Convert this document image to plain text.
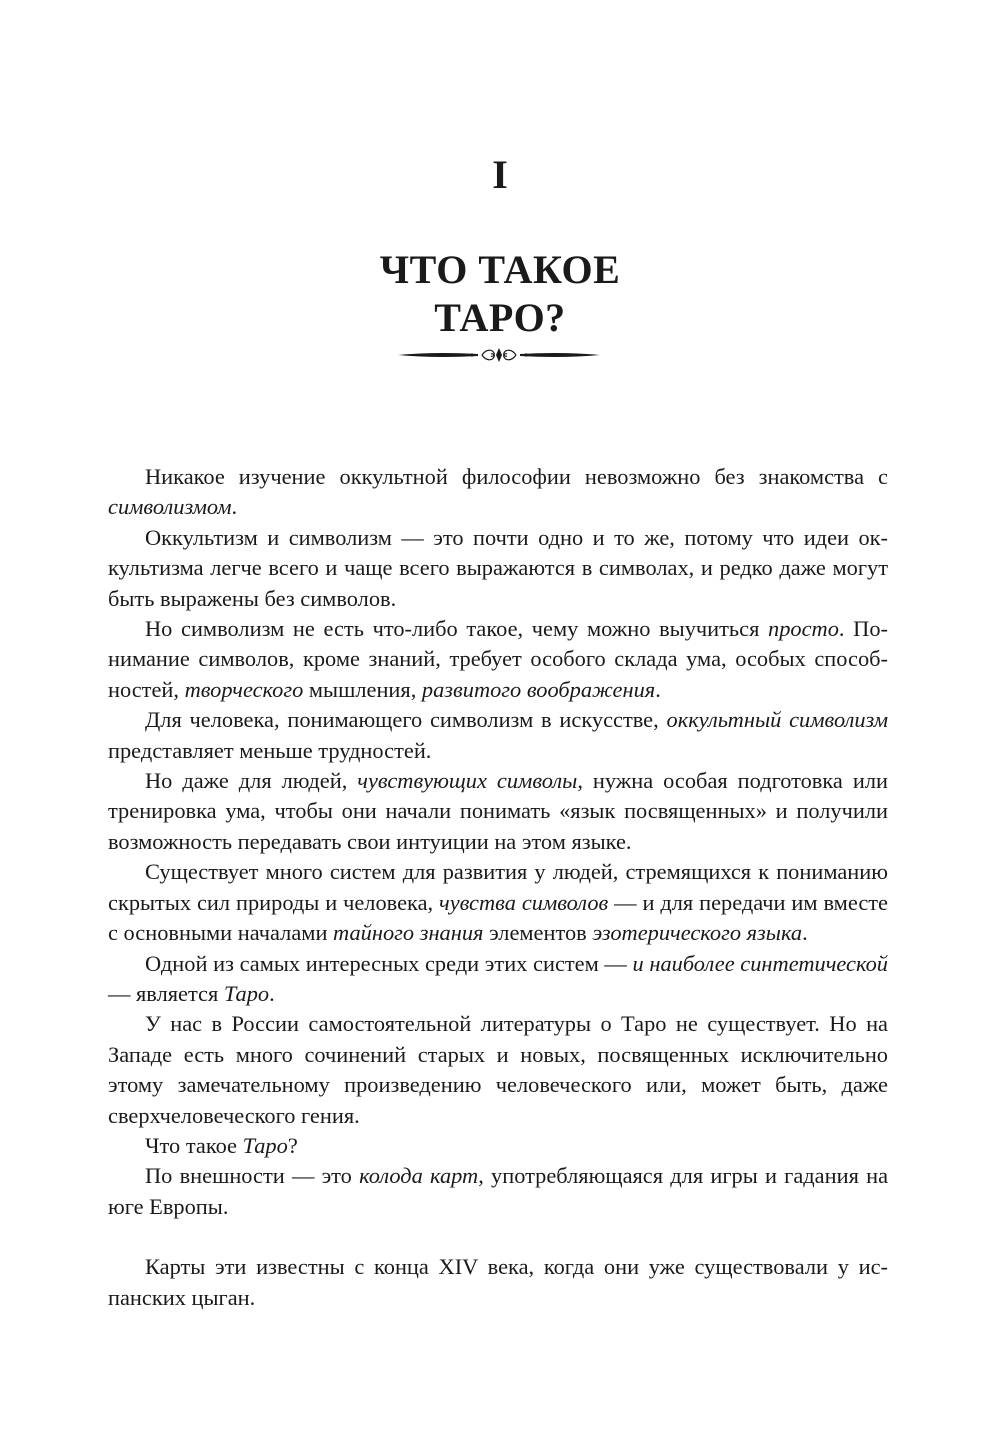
I
ЧТО ТАКОЕ
ТАРО?

Никакое изучение оккультной философии невозможно без знакомства с символизмом.

Оккультизм и символизм — это почти одно и то же, потому что идеи оккультизма легче всего и чаще всего выражаются в символах, и редко даже могут быть выражены без символов.

Но символизм не есть что-либо такое, чему можно выучиться просто. Понимание символов, кроме знаний, требует особого склада ума, особых способностей, творческого мышления, развитого воображения.

Для человека, понимающего символизм в искусстве, оккультный символизм представляет меньше трудностей.

Но даже для людей, чувствующих символы, нужна особая подготовка или тренировка ума, чтобы они начали понимать «язык посвященных» и получили возможность передавать свои интуиции на этом языке.

Существует много систем для развития у людей, стремящихся к пониманию скрытых сил природы и человека, чувства символов — и для передачи им вместе с основными началами тайного знания элементов эзотерического языка.

Одной из самых интересных среди этих систем — и наиболее синтетической — является Таро.

У нас в России самостоятельной литературы о Таро не существует. Но на Западе есть много сочинений старых и новых, посвященных исключительно этому замечательному произведению человеческого или, может быть, даже сверхчеловеческого гения.

Что такое Таро?

По внешности — это колода карт, употребляющаяся для игры и гадания на юге Европы.

Карты эти известны с конца XIV века, когда они уже существовали у испанских цыган.
